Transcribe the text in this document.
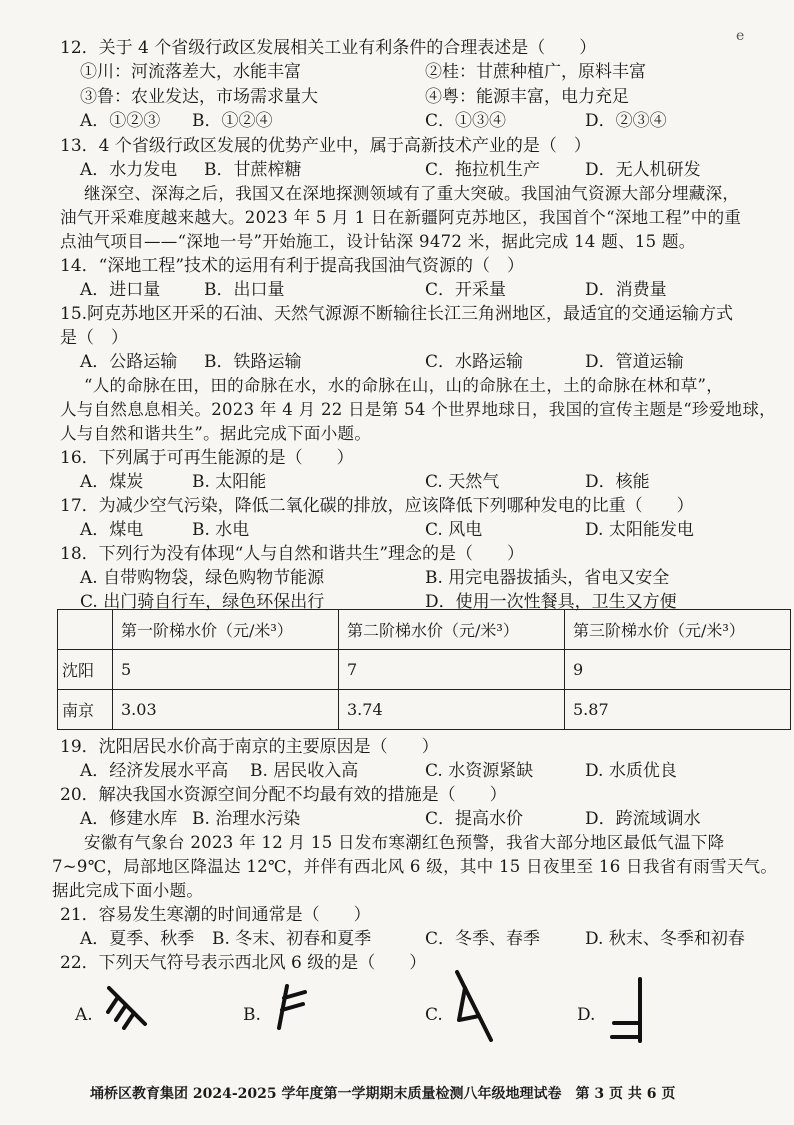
e
12．关于 4 个省级行政区发展相关工业有利条件的合理表述是（　　）
①川：河流落差大，水能丰富	②桂：甘蔗种植广，原料丰富
③鲁：农业发达，市场需求量大	④粤：能源丰富，电力充足
A．①②③ B．①②④	C．①③④	D．②③④
13．4 个省级行政区发展的优势产业中，属于高新技术产业的是（　）
A．水力发电 B．甘蔗榨糖	C．拖拉机生产	D．无人机研发
继深空、深海之后，我国又在深地探测领域有了重大突破。我国油气资源大部分埋藏深，
油气开采难度越来越大。2023 年 5 月 1 日在新疆阿克苏地区，我国首个“深地工程”中的重
点油气项目——“深地一号”开始施工，设计钻深 9472 米，据此完成 14 题、15 题。
14．“深地工程”技术的运用有利于提高我国油气资源的（　）
A．进口量	B．出口量	C．开采量	D．消费量
15.阿克苏地区开采的石油、天然气源源不断输往长江三角洲地区，最适宜的交通运输方式
是（　）
A．公路运输 B．铁路运输	C．水路运输	D．管道运输
“人的命脉在田，田的命脉在水，水的命脉在山，山的命脉在土，土的命脉在林和草”，
人与自然息息相关。2023 年 4 月 22 日是第 54 个世界地球日，我国的宣传主题是“珍爱地球，
人与自然和谐共生”。据此完成下面小题。
16．下列属于可再生能源的是（　　）
A．煤炭	B. 太阳能	C. 天然气	D．核能
17．为减少空气污染，降低二氧化碳的排放，应该降低下列哪种发电的比重（　　）
A．煤电	B. 水电	C. 风电	D. 太阳能发电
18．下列行为没有体现“人与自然和谐共生”理念的是（　　）
A. 自带购物袋，绿色购物节能源	B. 用完电器拔插头，省电又安全
C. 出门骑自行车，绿色环保出行	D．使用一次性餐具，卫生又方便
	第一阶梯水价（元/米³）	第二阶梯水价（元/米³）	第三阶梯水价（元/米³）
沈阳	5	7	9
南京	3.03	3.74	5.87
19．沈阳居民水价高于南京的主要原因是（　　）
A．经济发展水平高 B. 居民收入高	C. 水资源紧缺	D. 水质优良
20．解决我国水资源空间分配不均最有效的措施是（　　）
A．修建水库 B. 治理水污染	C．提高水价	D．跨流域调水
安徽有气象台 2023 年 12 月 15 日发布寒潮红色预警，我省大部分地区最低气温下降
7~9℃，局部地区降温达 12℃，并伴有西北风 6 级，其中 15 日夜里至 16 日我省有雨雪天气。
据此完成下面小题。
21．容易发生寒潮的时间通常是（　　）
A．夏季、秋季 B. 冬末、初春和夏季	C．冬季、春季	D. 秋末、冬季和初春
22．下列天气符号表示西北风 6 级的是（　　）
A.	B.	C.	D.
埇桥区教育集团 2024-2025 学年度第一学期期末质量检测八年级地理试卷　第 3 页 共 6 页
